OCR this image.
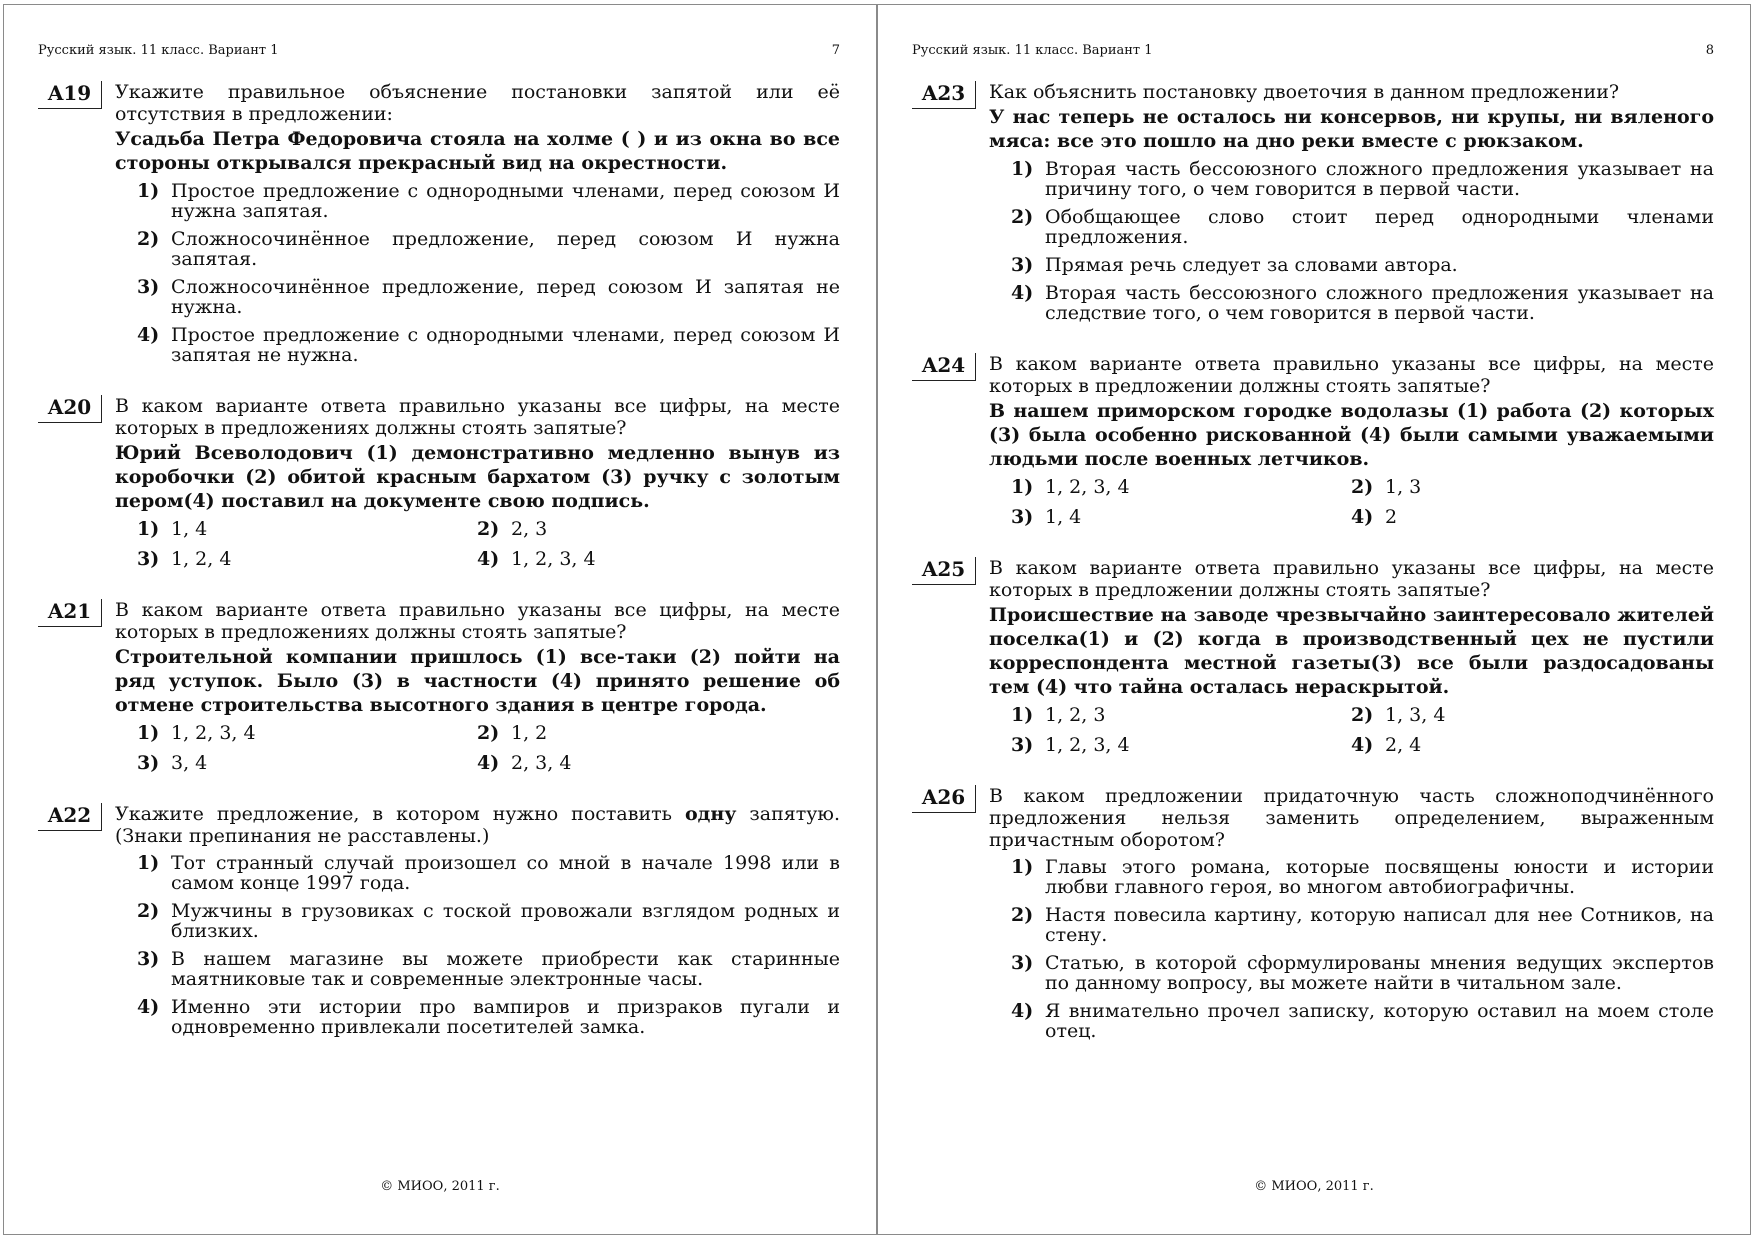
Русский язык. 11 класс. Вариант 1	7
A19	Укажите правильное объяснение постановки запятой или её отсутствия в предложении:

Усадьба Петра Федоровича стояла на холме ( ) и из окна во все стороны открывался прекрасный вид на окрестности.

1) Простое предложение с однородными членами, перед союзом И нужна запятая.
2) Сложносочинённое предложение, перед союзом И нужна запятая.
3) Сложносочинённое предложение, перед союзом И запятая не нужна.
4) Простое предложение с однородными членами, перед союзом И запятая не нужна.
A20	В каком варианте ответа правильно указаны все цифры, на месте которых в предложениях должны стоять запятые?

Юрий Всеволодович (1) демонстративно медленно вынув из коробочки (2) обитой красным бархатом (3) ручку с золотым пером(4) поставил на документе свою подпись.

1) 1, 4	2) 2, 3
3) 1, 2, 4	4) 1, 2, 3, 4
A21	В каком варианте ответа правильно указаны все цифры, на месте которых в предложениях должны стоять запятые?

Строительной компании пришлось (1) все-таки (2) пойти на ряд уступок. Было (3) в частности (4) принято решение об отмене строительства высотного здания в центре города.

1) 1, 2, 3, 4	2) 1, 2
3) 3, 4	4) 2, 3, 4
A22	Укажите предложение, в котором нужно поставить одну запятую. (Знаки препинания не расставлены.)

1) Тот странный случай произошел со мной в начале 1998 или в самом конце 1997 года.
2) Мужчины в грузовиках с тоской провожали взглядом родных и близких.
3) В нашем магазине вы можете приобрести как старинные маятниковые так и современные электронные часы.
4) Именно эти истории про вампиров и призраков пугали и одновременно привлекали посетителей замка.
© МИОО, 2011 г.
Русский язык. 11 класс. Вариант 1	8
A23	Как объяснить постановку двоеточия в данном предложении?

У нас теперь не осталось ни консервов, ни крупы, ни вяленого мяса: все это пошло на дно реки вместе с рюкзаком.

1) Вторая часть бессоюзного сложного предложения указывает на причину того, о чем говорится в первой части.
2) Обобщающее слово стоит перед однородными членами предложения.
3) Прямая речь следует за словами автора.
4) Вторая часть бессоюзного сложного предложения указывает на следствие того, о чем говорится в первой части.
A24	В каком варианте ответа правильно указаны все цифры, на месте которых в предложении должны стоять запятые?

В нашем приморском городке водолазы (1) работа (2) которых (3) была особенно рискованной (4) были самыми уважаемыми людьми после военных летчиков.

1) 1, 2, 3, 4	2) 1, 3
3) 1, 4	4) 2
A25	В каком варианте ответа правильно указаны все цифры, на месте которых в предложении должны стоять запятые?

Происшествие на заводе чрезвычайно заинтересовало жителей поселка(1) и (2) когда в производственный цех не пустили корреспондента местной газеты(3) все были раздосадованы тем (4) что тайна осталась нераскрытой.

1) 1, 2, 3	2) 1, 3, 4
3) 1, 2, 3, 4	4) 2, 4
A26	В каком предложении придаточную часть сложноподчинённого предложения нельзя заменить определением, выраженным причастным оборотом?

1) Главы этого романа, которые посвящены юности и истории любви главного героя, во многом автобиографичны.
2) Настя повесила картину, которую написал для нее Сотников, на стену.
3) Статью, в которой сформулированы мнения ведущих экспертов по данному вопросу, вы можете найти в читальном зале.
4) Я внимательно прочел записку, которую оставил на моем столе отец.
© МИОО, 2011 г.
